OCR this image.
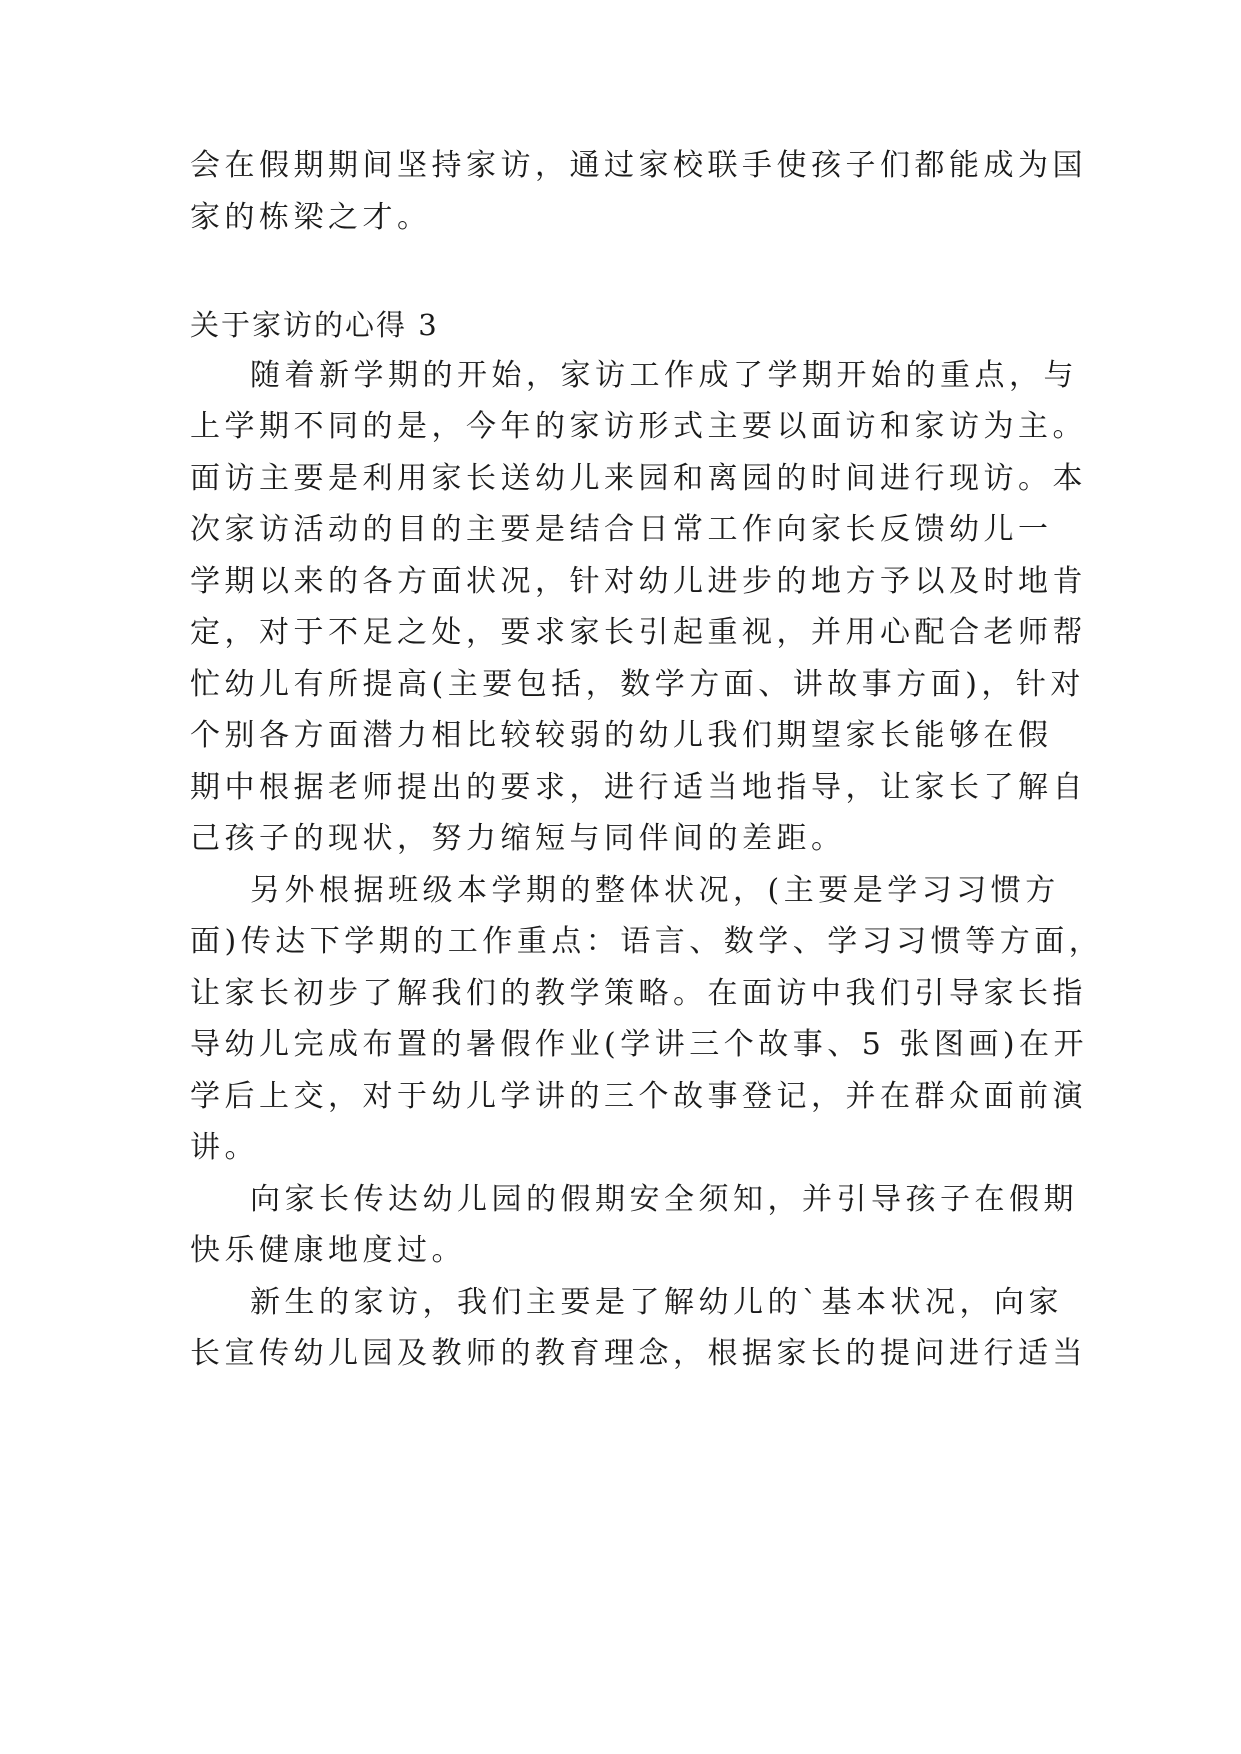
会在假期期间坚持家访，通过家校联手使孩子们都能成为国
家的栋梁之才。
关于家访的心得 3
随着新学期的开始，家访工作成了学期开始的重点，与
上学期不同的是，今年的家访形式主要以面访和家访为主。
面访主要是利用家长送幼儿来园和离园的时间进行现访。本
次家访活动的目的主要是结合日常工作向家长反馈幼儿一
学期以来的各方面状况，针对幼儿进步的地方予以及时地肯
定，对于不足之处，要求家长引起重视，并用心配合老师帮
忙幼儿有所提高(主要包括，数学方面、讲故事方面)，针对
个别各方面潜力相比较较弱的幼儿我们期望家长能够在假
期中根据老师提出的要求，进行适当地指导，让家长了解自
己孩子的现状，努力缩短与同伴间的差距。
另外根据班级本学期的整体状况，(主要是学习习惯方
面)传达下学期的工作重点：语言、数学、学习习惯等方面，
让家长初步了解我们的教学策略。在面访中我们引导家长指
导幼儿完成布置的暑假作业(学讲三个故事、5 张图画)在开
学后上交，对于幼儿学讲的三个故事登记，并在群众面前演
讲。
向家长传达幼儿园的假期安全须知，并引导孩子在假期
快乐健康地度过。
新生的家访，我们主要是了解幼儿的`基本状况，向家
长宣传幼儿园及教师的教育理念，根据家长的提问进行适当
